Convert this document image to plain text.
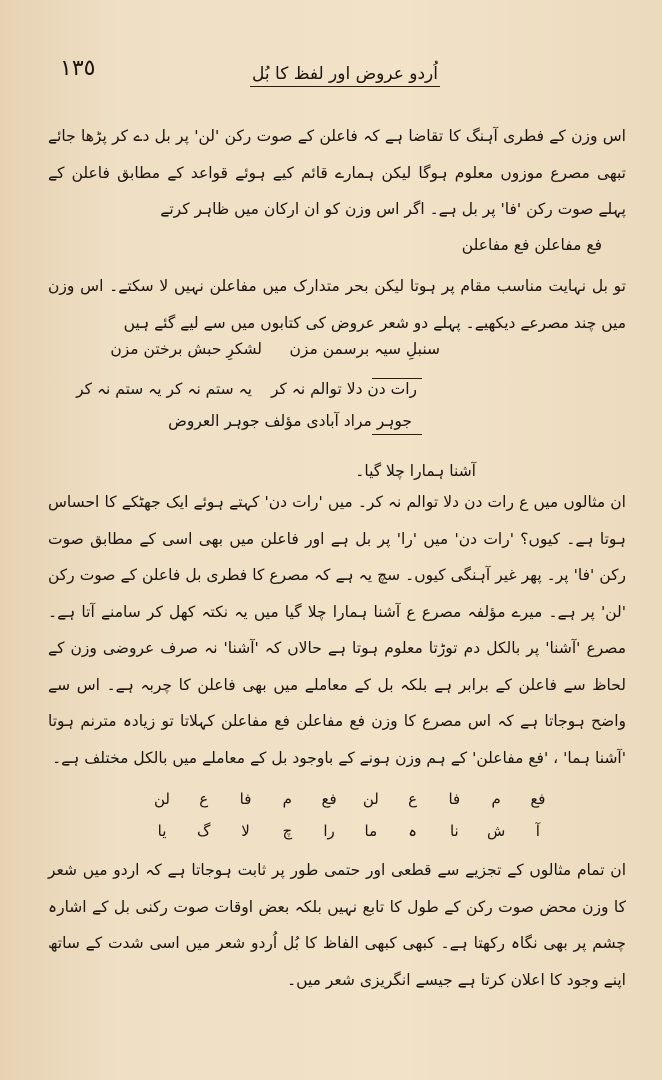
١٣٥	اُردو عروض اور لفظ کا بُل
اس وزن کے فطری آہنگ کا تقاضا ہے کہ فاعلن کے صوت رکن 'لن' پر بل دے کر پڑھا جائے تبھی مصرع موزوں معلوم ہوگا لیکن ہمارے قائم کیے ہوئے قواعد کے مطابق فاعلن کے پہلے صوت رکن 'فا' پر بل ہے۔ اگر اس وزن کو ان ارکان میں ظاہر کرتے
فع مفاعلن فع مفاعلن
تو بل نہایت مناسب مقام پر ہوتا لیکن بحر متدارک میں مفاعلن نہیں لا سکتے۔ اس وزن میں چند مصرعے دیکھیے۔ پہلے دو شعر عروض کی کتابوں میں سے لیے گئے ہیں
سنبلِ سیہ برسمن مزن
لشکرِ حبش برختن مزن
رات دن دلا توالم نہ کر
یہ ستم نہ کر یہ ستم نہ کر
جوہر مراد آبادی مؤلف جوہر العروض
آشنا ہمارا چلا گیا۔
ان مثالوں میں ع رات دن دلا توالم نہ کر۔ میں 'رات دن' کہتے ہوئے ایک جھٹکے کا احساس ہوتا ہے۔ کیوں؟ 'رات دن' میں 'را' پر بل ہے اور فاعلن میں بھی اسی کے مطابق صوت رکن 'فا' پر۔ پھر غیر آہنگی کیوں۔ سچ یہ ہے کہ مصرع کا فطری بل فاعلن کے صوت رکن 'لن' پر ہے۔ میرے مؤلفہ مصرع ع آشنا ہمارا چلا گیا میں یہ نکتہ کھل کر سامنے آتا ہے۔ مصرع 'آشنا' پر بالکل دم توڑتا معلوم ہوتا ہے حالاں کہ 'آشنا' نہ صرف عروضی وزن کے لحاظ سے فاعلن کے برابر ہے بلکہ بل کے معاملے میں بھی فاعلن کا چربہ ہے۔ اس سے واضح ہوجاتا ہے کہ اس مصرع کا وزن فع مفاعلن فع مفاعلن کہلاتا تو زیادہ مترنم ہوتا 'آشنا ہما' ، 'فع مفاعلن' کے ہم وزن ہونے کے باوجود بل کے معاملے میں بالکل مختلف ہے۔
فع
م
فا
ع
لن
فع
م
فا
ع
لن
آ
ش
نا
ہ
ما
را
چ
لا
گ
یا
ان تمام مثالوں کے تجزیے سے قطعی اور حتمی طور پر ثابت ہوجاتا ہے کہ اردو میں شعر کا وزن محض صوت رکن کے طول کا تابع نہیں بلکہ بعض اوقات صوت رکنی بل کے اشارہ چشم پر بھی نگاہ رکھتا ہے۔ کبھی کبھی الفاظ کا بُل اُردو شعر میں اسی شدت کے ساتھ اپنے وجود کا اعلان کرتا ہے جیسے انگریزی شعر میں۔
